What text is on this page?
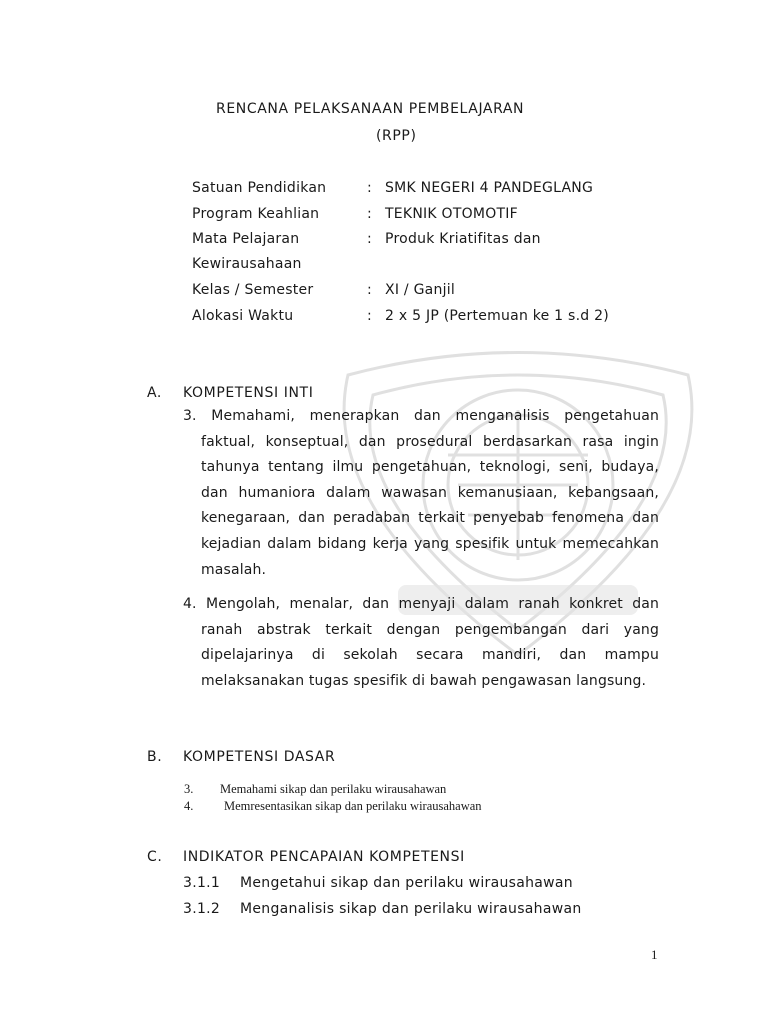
RENCANA PELAKSANAAN PEMBELAJARAN
(RPP)
Satuan Pendidikan	: SMK NEGERI 4 PANDEGLANG
Program Keahlian	: TEKNIK OTOMOTIF
Mata Pelajaran	: Produk Kriatifitas dan
Kewirausahaan
Kelas / Semester	: XI / Ganjil
Alokasi Waktu	: 2 x 5 JP (Pertemuan ke 1 s.d 2)
A. KOMPETENSI INTI

3. Memahami, menerapkan dan menganalisis pengetahuan faktual, konseptual, dan prosedural berdasarkan rasa ingin tahunya tentang ilmu pengetahuan, teknologi, seni, budaya, dan humaniora dalam wawasan kemanusiaan, kebangsaan, kenegaraan, dan peradaban terkait penyebab fenomena dan kejadian dalam bidang kerja yang spesifik untuk memecahkan masalah.

4. Mengolah, menalar, dan menyaji dalam ranah konkret dan ranah abstrak terkait dengan pengembangan dari yang dipelajarinya di sekolah secara mandiri, dan mampu melaksanakan tugas spesifik di bawah pengawasan langsung.

B. KOMPETENSI DASAR
3. Memahami sikap dan perilaku wirausahawan
4. Memresentasikan sikap dan perilaku wirausahawan
C. INDIKATOR PENCAPAIAN KOMPETENSI
3.1.1 Mengetahui sikap dan perilaku wirausahawan
3.1.2 Menganalisis sikap dan perilaku wirausahawan
1
